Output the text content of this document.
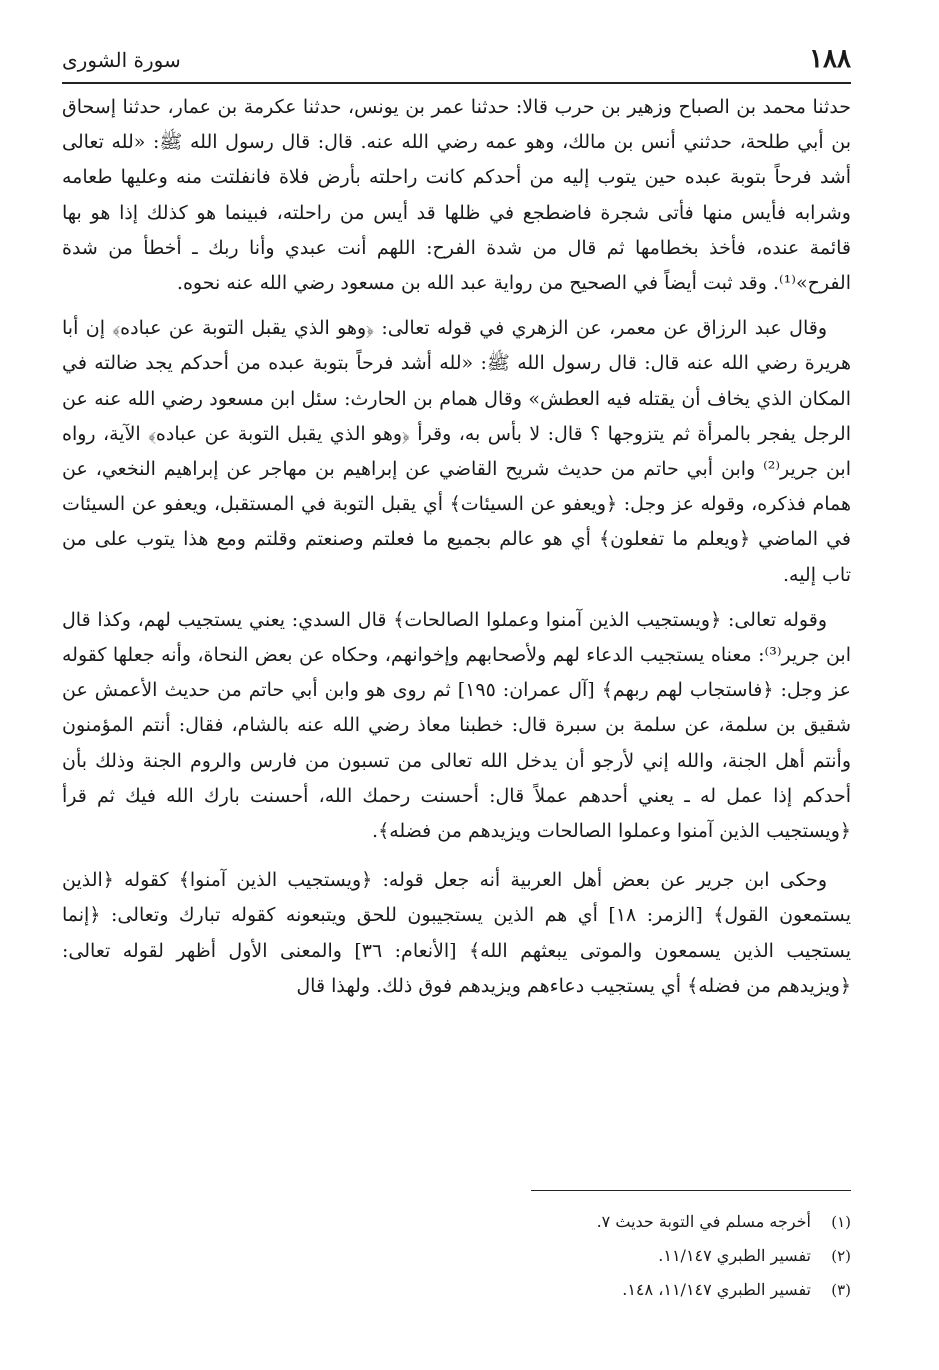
١٨٨
سورة الشورى

حدثنا محمد بن الصباح وزهير بن حرب قالا: حدثنا عمر بن يونس، حدثنا عكرمة بن عمار، حدثنا إسحاق بن أبي طلحة، حدثني أنس بن مالك، وهو عمه رضي الله عنه. قال: قال رسول الله ﷺ: «لله تعالى أشد فرحاً بتوبة عبده حين يتوب إليه من أحدكم كانت راحلته بأرض فلاة فانفلتت منه وعليها طعامه وشرابه فأيس منها فأتى شجرة فاضطجع في ظلها قد أيس من راحلته، فبينما هو كذلك إذا هو بها قائمة عنده، فأخذ بخطامها ثم قال من شدة الفرح: اللهم أنت عبدي وأنا ربك ـ أخطأ من شدة الفرح»⁽¹⁾. وقد ثبت أيضاً في الصحيح من رواية عبد الله بن مسعود رضي الله عنه نحوه.

وقال عبد الرزاق عن معمر، عن الزهري في قوله تعالى: ﴿وهو الذي يقبل التوبة عن عباده﴾ إن أبا هريرة رضي الله عنه قال: قال رسول الله ﷺ: «لله أشد فرحاً بتوبة عبده من أحدكم يجد ضالته في المكان الذي يخاف أن يقتله فيه العطش» وقال همام بن الحارث: سئل ابن مسعود رضي الله عنه عن الرجل يفجر بالمرأة ثم يتزوجها ؟ قال: لا بأس به، وقرأ ﴿وهو الذي يقبل التوبة عن عباده﴾ الآية، رواه ابن جرير⁽²⁾ وابن أبي حاتم من حديث شريح القاضي عن إبراهيم بن مهاجر عن إبراهيم النخعي، عن همام فذكره، وقوله عز وجل: ﴿ويعفو عن السيئات﴾ أي يقبل التوبة في المستقبل، ويعفو عن السيئات في الماضي ﴿ويعلم ما تفعلون﴾ أي هو عالم بجميع ما فعلتم وصنعتم وقلتم ومع هذا يتوب على من تاب إليه.

وقوله تعالى: ﴿ويستجيب الذين آمنوا وعملوا الصالحات﴾ قال السدي: يعني يستجيب لهم، وكذا قال ابن جرير⁽³⁾: معناه يستجيب الدعاء لهم ولأصحابهم وإخوانهم، وحكاه عن بعض النحاة، وأنه جعلها كقوله عز وجل: ﴿فاستجاب لهم ربهم﴾ [آل عمران: ١٩٥] ثم روى هو وابن أبي حاتم من حديث الأعمش عن شقيق بن سلمة، عن سلمة بن سبرة قال: خطبنا معاذ رضي الله عنه بالشام، فقال: أنتم المؤمنون وأنتم أهل الجنة، والله إني لأرجو أن يدخل الله تعالى من تسبون من فارس والروم الجنة وذلك بأن أحدكم إذا عمل له ـ يعني أحدهم عملاً قال: أحسنت رحمك الله، أحسنت بارك الله فيك ثم قرأ ﴿ويستجيب الذين آمنوا وعملوا الصالحات ويزيدهم من فضله﴾.

وحكى ابن جرير عن بعض أهل العربية أنه جعل قوله: ﴿ويستجيب الذين آمنوا﴾ كقوله ﴿الذين يستمعون القول﴾ [الزمر: ١٨] أي هم الذين يستجيبون للحق ويتبعونه كقوله تبارك وتعالى: ﴿إنما يستجيب الذين يسمعون والموتى يبعثهم الله﴾ [الأنعام: ٣٦] والمعنى الأول أظهر لقوله تعالى: ﴿ويزيدهم من فضله﴾ أي يستجيب دعاءهم ويزيدهم فوق ذلك. ولهذا قال

(١)
أخرجه مسلم في التوبة حديث ٧.
(٢)
تفسير الطبري ١١/١٤٧.
(٣)
تفسير الطبري ١١/١٤٧، ١٤٨.
